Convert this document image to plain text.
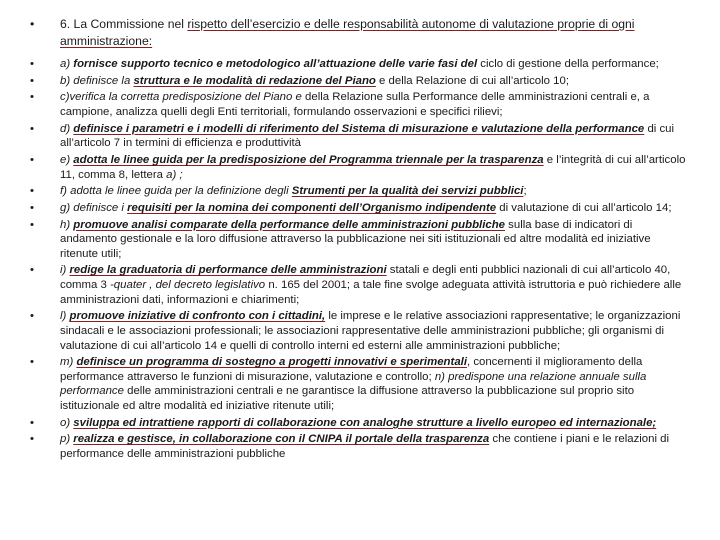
•	6. La Commissione nel rispetto dell’esercizio e delle responsabilità autonome di valutazione proprie di ogni amministrazione:
•	a) fornisce supporto tecnico e metodologico all’attuazione delle varie fasi del ciclo di gestione della performance;
•	b) definisce la struttura e le modalità di redazione del Piano e della Relazione di cui all’articolo 10;
•	c)verifica la corretta predisposizione del Piano e della Relazione sulla Performance delle amministrazioni centrali e, a campione, analizza quelli degli Enti territoriali, formulando osservazioni e specifici rilievi;
•	d) definisce i parametri e i modelli di riferimento del Sistema di misurazione e valutazione della performance di cui all’articolo 7 in termini di efficienza e produttività
•	e) adotta le linee guida per la predisposizione del Programma triennale per la trasparenza e l’integrità di cui all’articolo 11, comma 8, lettera a) ;
•	f) adotta le linee guida per la definizione degli Strumenti per la qualità dei servizi pubblici;
•	g) definisce i requisiti per la nomina dei componenti dell’Organismo indipendente di valutazione di cui all’articolo 14;
•	h) promuove analisi comparate della performance delle amministrazioni pubbliche sulla base di indicatori di andamento gestionale e la loro diffusione attraverso la pubblicazione nei siti istituzionali ed altre modalità ed iniziative ritenute utili;
•	i) redige la graduatoria di performance delle amministrazioni statali e degli enti pubblici nazionali di cui all’articolo 40, comma 3 -quater , del decreto legislativo n. 165 del 2001; a tale fine svolge adeguata attività istruttoria e può richiedere alle amministrazioni dati, informazioni e chiarimenti;
•	l) promuove iniziative di confronto con i cittadini, le imprese e le relative associazioni rappresentative; le organizzazioni sindacali e le associazioni professionali; le associazioni rappresentative delle amministrazioni pubbliche; gli organismi di valutazione di cui all’articolo 14 e quelli di controllo interni ed esterni alle amministrazioni pubbliche;
•	m) definisce un programma di sostegno a progetti innovativi e sperimentali, concernenti il miglioramento della performance attraverso le funzioni di misurazione, valutazione e controllo; n) predispone una relazione annuale sulla performance delle amministrazioni centrali e ne garantisce la diffusione attraverso la pubblicazione sul proprio sito istituzionale ed altre modalità ed iniziative ritenute utili;
•	o) sviluppa ed intrattiene rapporti di collaborazione con analoghe strutture a livello europeo ed internazionale;
•	p) realizza e gestisce, in collaborazione con il CNIPA il portale della trasparenza che contiene i piani e le relazioni di performance delle amministrazioni pubbliche
